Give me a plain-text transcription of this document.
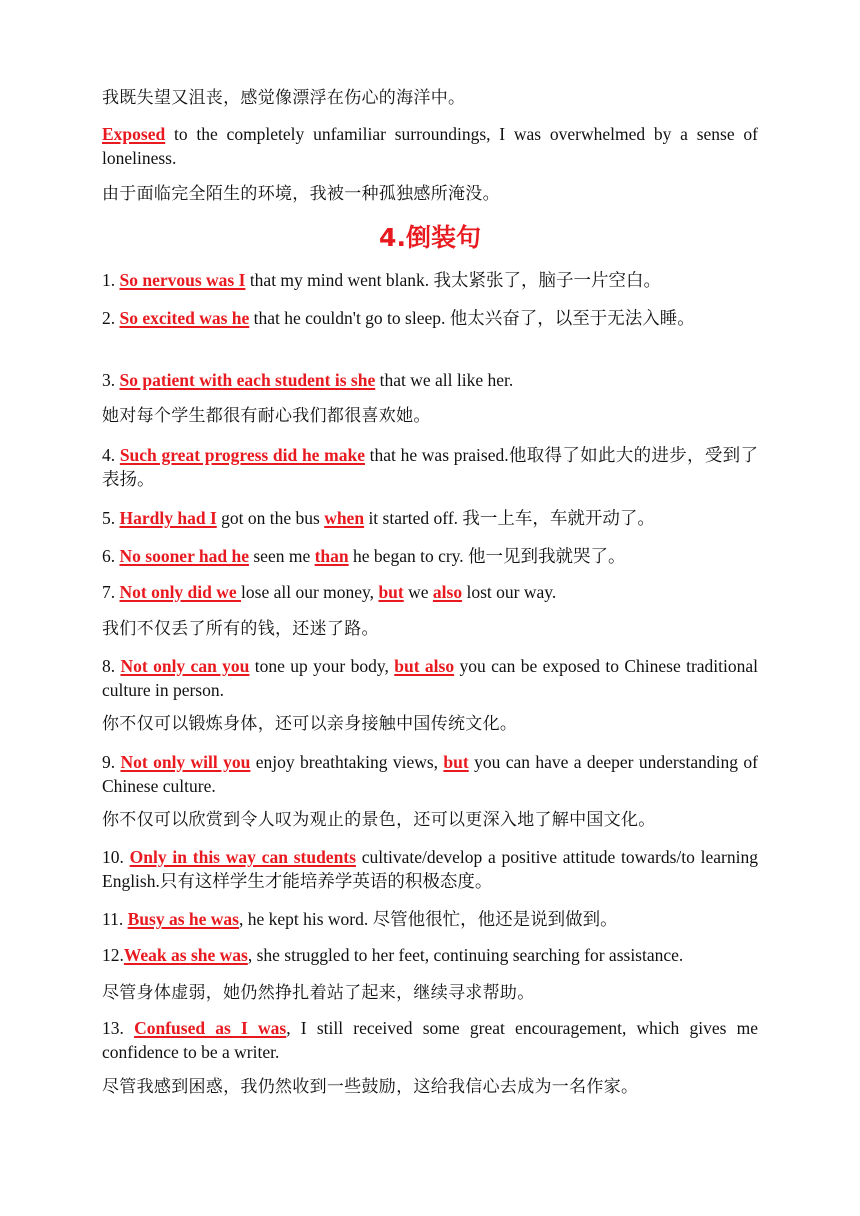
我既失望又沮丧，感觉像漂浮在伤心的海洋中。
Exposed to the completely unfamiliar surroundings, I was overwhelmed by a sense of loneliness.
由于面临完全陌生的环境，我被一种孤独感所淹没。
4.倒装句
1. So nervous was I that my mind went blank. 我太紧张了，脑子一片空白。
2. So excited was he that he couldn't go to sleep. 他太兴奋了，以至于无法入睡。
3. So patient with each student is she that we all like her.
她对每个学生都很有耐心我们都很喜欢她。
4. Such great progress did he make that he was praised.他取得了如此大的进步，受到了表扬。
5. Hardly had I got on the bus when it started off. 我一上车，车就开动了。
6. No sooner had he seen me than he began to cry. 他一见到我就哭了。
7. Not only did we lose all our money, but we also lost our way.
我们不仅丢了所有的钱，还迷了路。
8. Not only can you tone up your body, but also you can be exposed to Chinese traditional culture in person.
你不仅可以锻炼身体，还可以亲身接触中国传统文化。
9. Not only will you enjoy breathtaking views, but you can have a deeper understanding of Chinese culture.
你不仅可以欣赏到令人叹为观止的景色，还可以更深入地了解中国文化。
10. Only in this way can students cultivate/develop a positive attitude towards/to learning English.只有这样学生才能培养学英语的积极态度。
11. Busy as he was, he kept his word. 尽管他很忙，他还是说到做到。
12.Weak as she was, she struggled to her feet, continuing searching for assistance.
尽管身体虚弱，她仍然挣扎着站了起来，继续寻求帮助。
13. Confused as I was, I still received some great encouragement, which gives me confidence to be a writer.
尽管我感到困惑，我仍然收到一些鼓励，这给我信心去成为一名作家。
